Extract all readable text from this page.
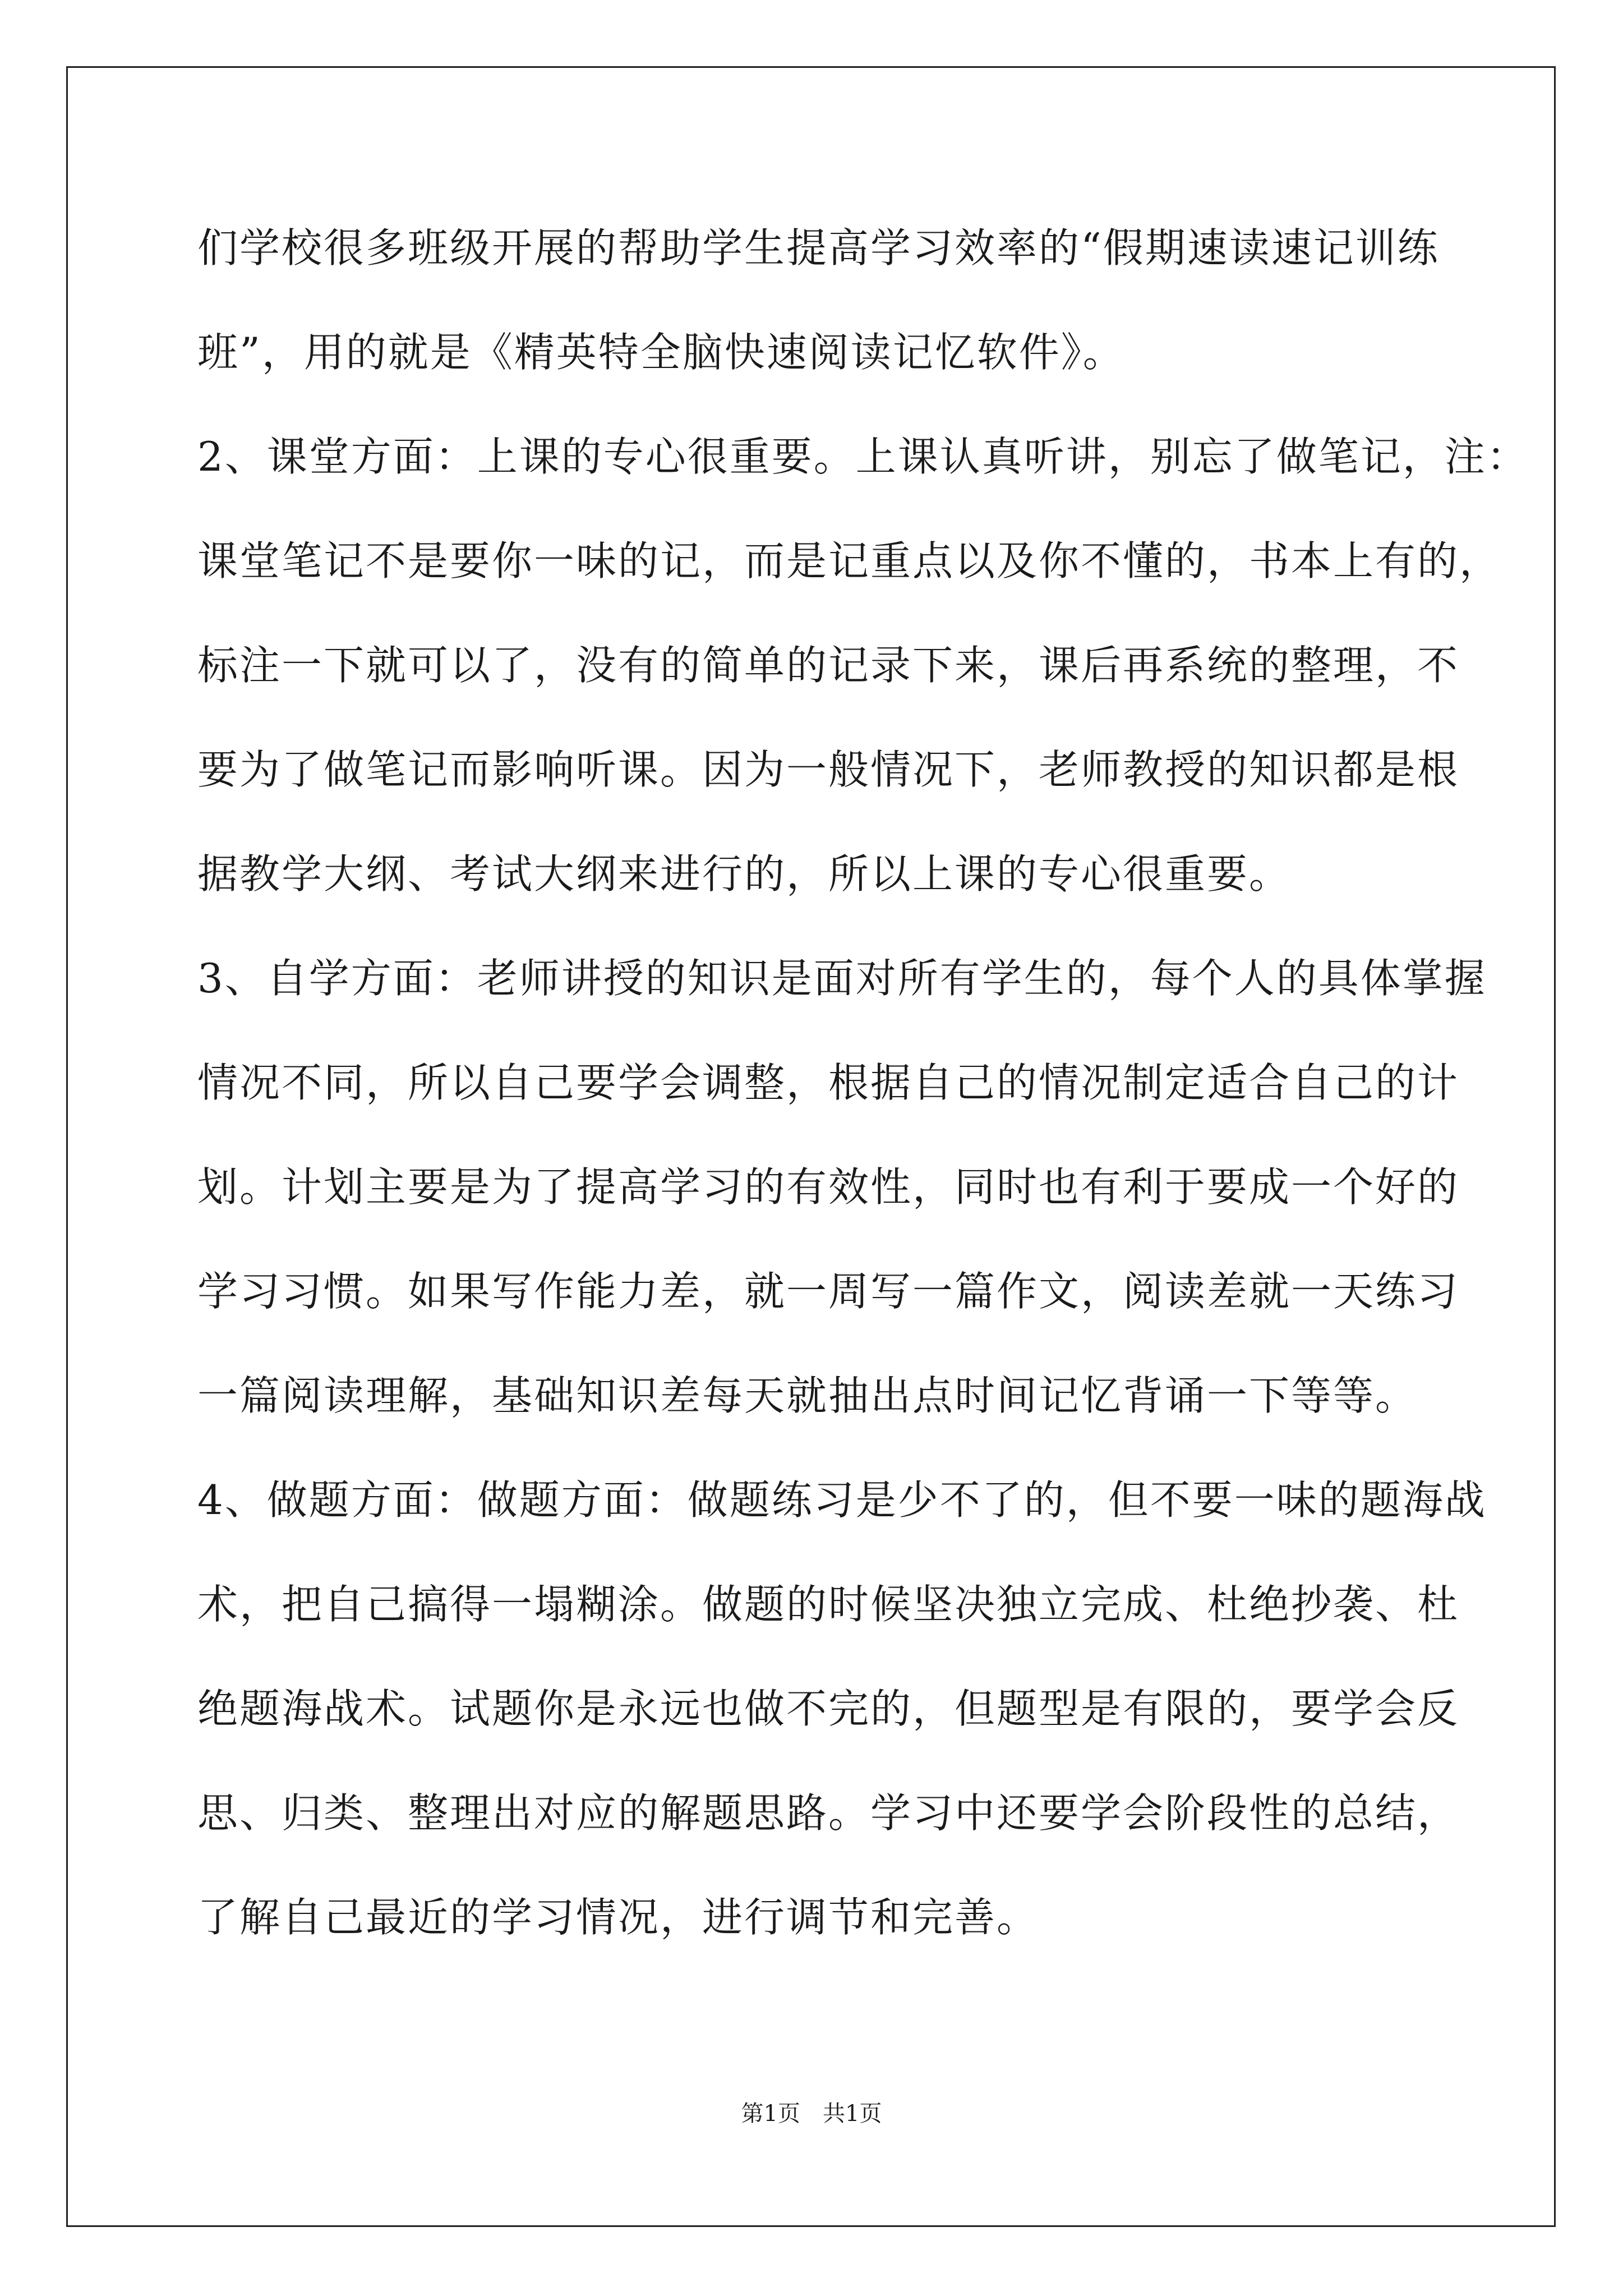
们学校很多班级开展的帮助学生提高学习效率的“假期速读速记训练
班”，用的就是《精英特全脑快速阅读记忆软件》。
2、课堂方面：上课的专心很重要。上课认真听讲，别忘了做笔记，注：
课堂笔记不是要你一味的记，而是记重点以及你不懂的，书本上有的，
标注一下就可以了，没有的简单的记录下来，课后再系统的整理，不
要为了做笔记而影响听课。因为一般情况下，老师教授的知识都是根
据教学大纲、考试大纲来进行的，所以上课的专心很重要。
3、自学方面：老师讲授的知识是面对所有学生的，每个人的具体掌握
情况不同，所以自己要学会调整，根据自己的情况制定适合自己的计
划。计划主要是为了提高学习的有效性，同时也有利于要成一个好的
学习习惯。如果写作能力差，就一周写一篇作文，阅读差就一天练习
一篇阅读理解，基础知识差每天就抽出点时间记忆背诵一下等等。
4、做题方面：做题方面：做题练习是少不了的，但不要一味的题海战
术，把自己搞得一塌糊涂。做题的时候坚决独立完成、杜绝抄袭、杜
绝题海战术。试题你是永远也做不完的，但题型是有限的，要学会反
思、归类、整理出对应的解题思路。学习中还要学会阶段性的总结，
了解自己最近的学习情况，进行调节和完善。
第1页　共1页
